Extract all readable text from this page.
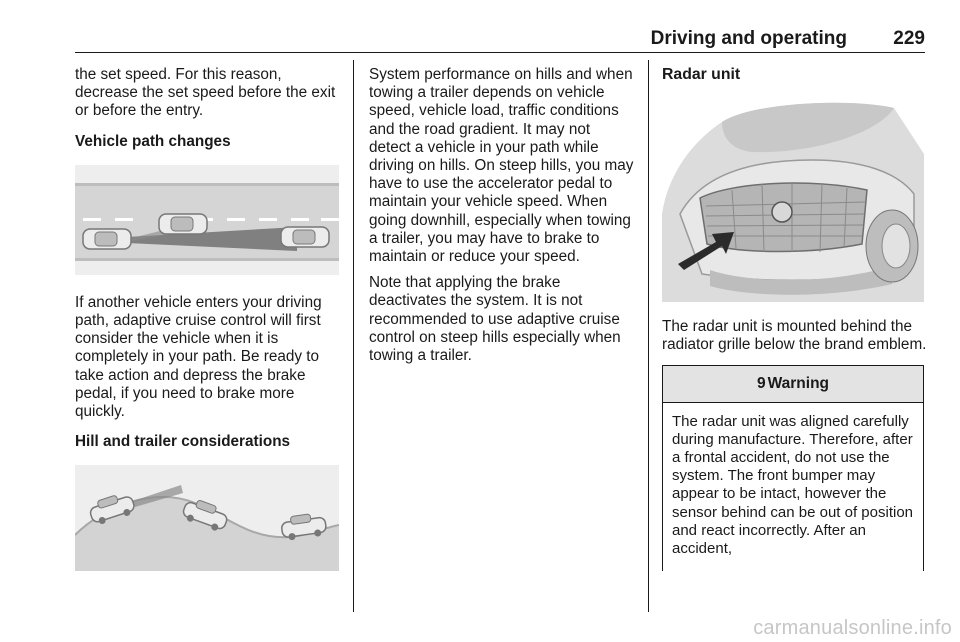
Driving and operating 229

the set speed. For this reason, decrease the set speed before the exit or before the entry.

Vehicle path changes

If another vehicle enters your driving path, adaptive cruise control will first consider the vehicle when it is completely in your path. Be ready to take action and depress the brake pedal, if you need to brake more quickly.

Hill and trailer considerations

System performance on hills and when towing a trailer depends on vehicle speed, vehicle load, traffic conditions and the road gradient. It may not detect a vehicle in your path while driving on hills. On steep hills, you may have to use the accelerator pedal to maintain your vehicle speed. When going downhill, especially when towing a trailer, you may have to brake to maintain or reduce your speed.

Note that applying the brake deactivates the system. It is not recommended to use adaptive cruise control on steep hills especially when towing a trailer.

Radar unit

The radar unit is mounted behind the radiator grille below the brand emblem.

9 Warning
The radar unit was aligned carefully during manufacture. Therefore, after a frontal accident, do not use the system. The front bumper may appear to be intact, however the sensor behind can be out of position and react incorrectly. After an accident,
carmanualsonline.info
